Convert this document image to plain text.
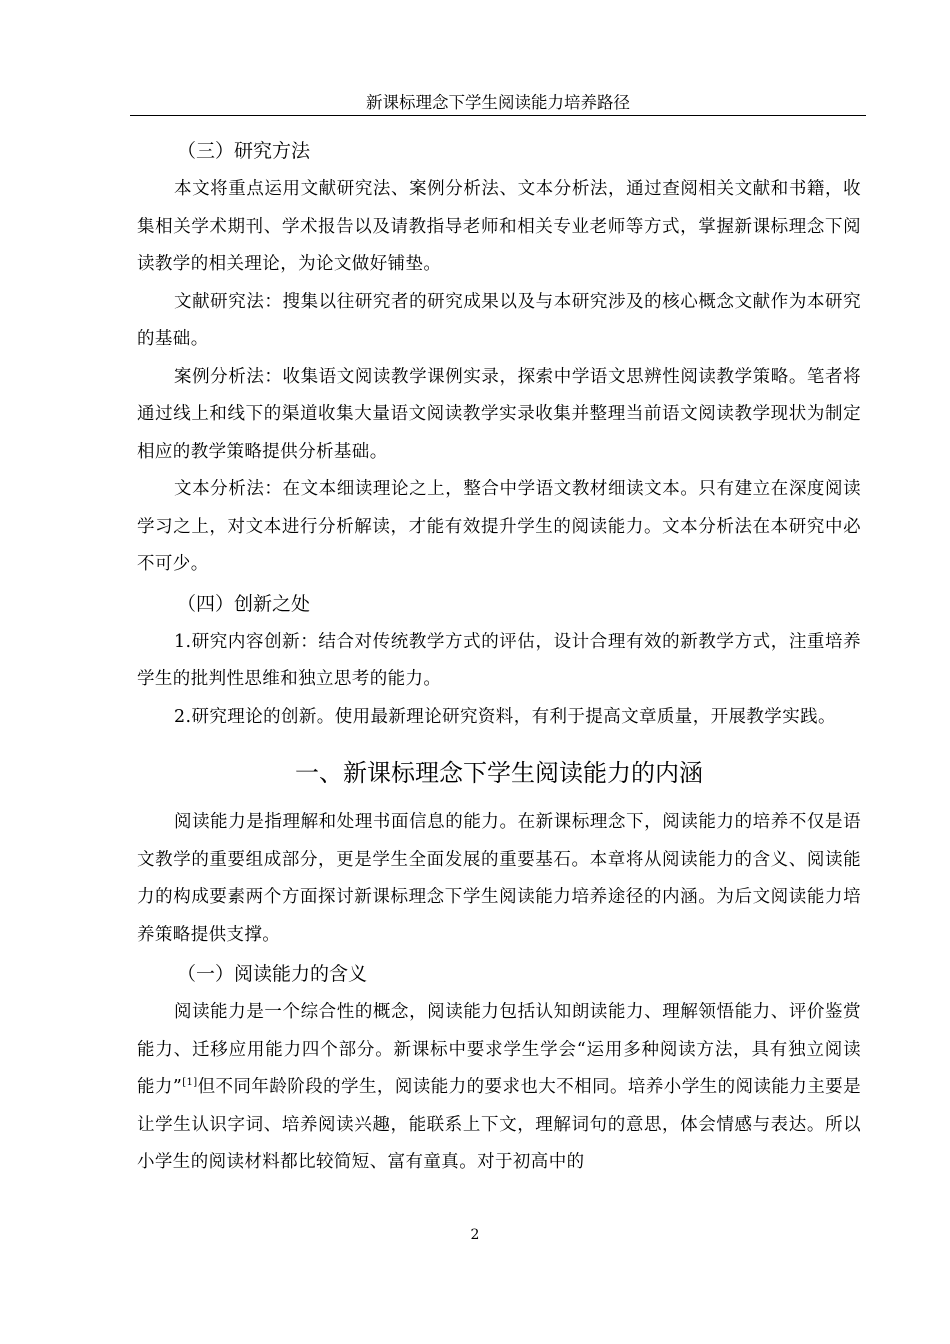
新课标理念下学生阅读能力培养路径
（三）研究方法

本文将重点运用文献研究法、案例分析法、文本分析法，通过查阅相关文献和书籍，收集相关学术期刊、学术报告以及请教指导老师和相关专业老师等方式，掌握新课标理念下阅读教学的相关理论，为论文做好铺垫。

文献研究法：搜集以往研究者的研究成果以及与本研究涉及的核心概念文献作为本研究的基础。

案例分析法：收集语文阅读教学课例实录，探索中学语文思辨性阅读教学策略。笔者将通过线上和线下的渠道收集大量语文阅读教学实录收集并整理当前语文阅读教学现状为制定相应的教学策略提供分析基础。

文本分析法：在文本细读理论之上，整合中学语文教材细读文本。只有建立在深度阅读学习之上，对文本进行分析解读，才能有效提升学生的阅读能力。文本分析法在本研究中必不可少。

（四）创新之处

1.研究内容创新：结合对传统教学方式的评估，设计合理有效的新教学方式，注重培养学生的批判性思维和独立思考的能力。

2.研究理论的创新。使用最新理论研究资料，有利于提高文章质量，开展教学实践。

一、新课标理念下学生阅读能力的内涵

阅读能力是指理解和处理书面信息的能力。在新课标理念下，阅读能力的培养不仅是语文教学的重要组成部分，更是学生全面发展的重要基石。本章将从阅读能力的含义、阅读能力的构成要素两个方面探讨新课标理念下学生阅读能力培养途径的内涵。为后文阅读能力培养策略提供支撑。

（一）阅读能力的含义

阅读能力是一个综合性的概念，阅读能力包括认知朗读能力、理解领悟能力、评价鉴赏能力、迁移应用能力四个部分。新课标中要求学生学会“运用多种阅读方法，具有独立阅读能力”[1]但不同年龄阶段的学生，阅读能力的要求也大不相同。培养小学生的阅读能力主要是让学生认识字词、培养阅读兴趣，能联系上下文，理解词句的意思，体会情感与表达。所以小学生的阅读材料都比较简短、富有童真。对于初高中的

2
